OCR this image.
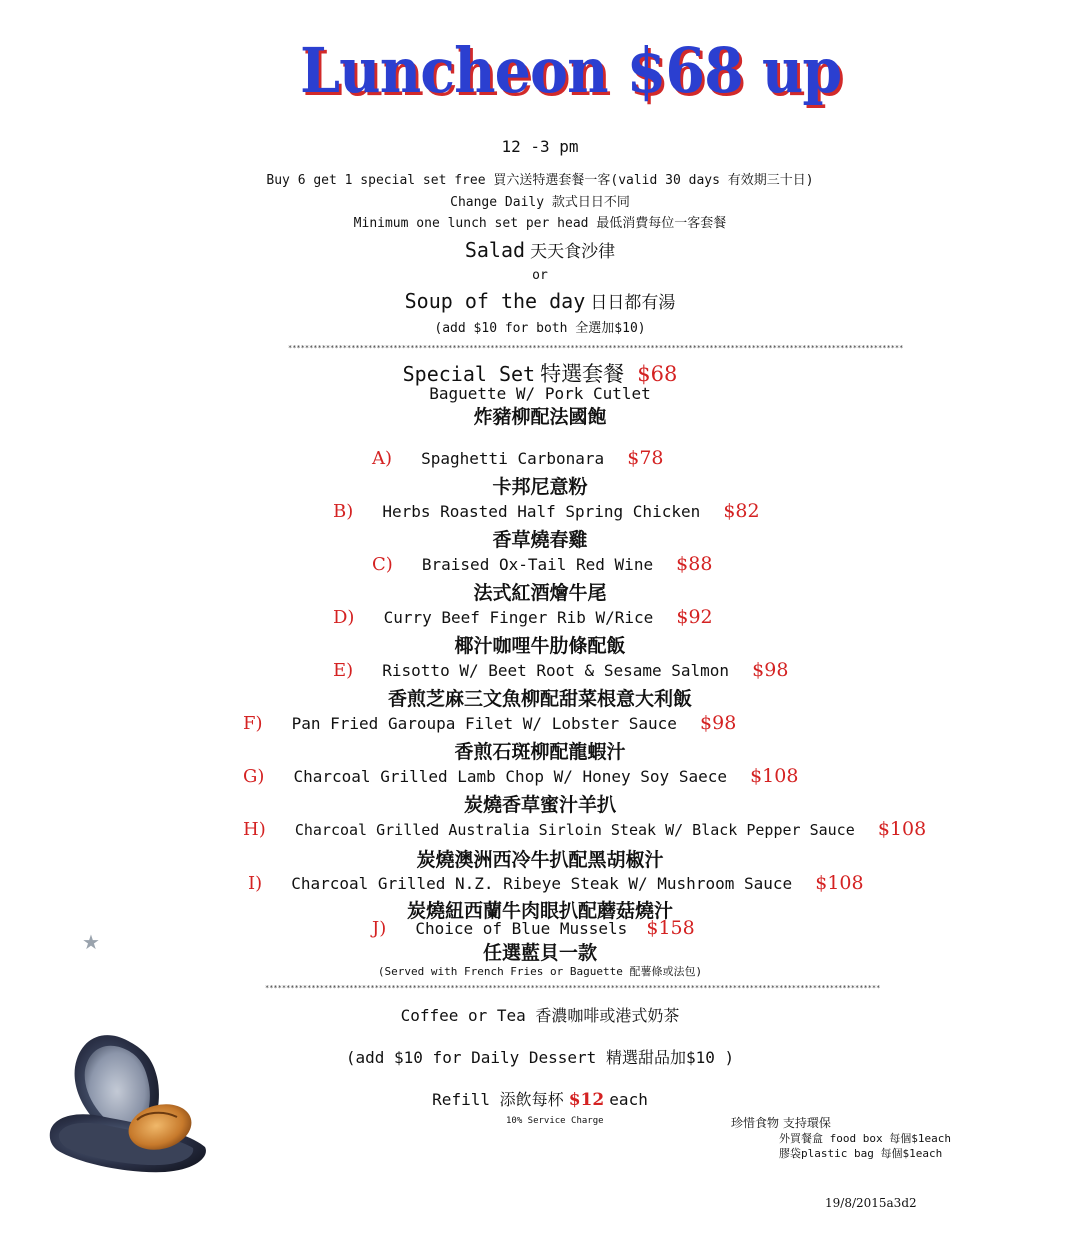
Luncheon $68 up
12 -3 pm
Buy 6 get 1 special set free 買六送特選套餐一客(valid 30 days 有效期三十日)
Change Daily 款式日日不同
Minimum one lunch set per head 最低消費每位一客套餐
Salad 天天食沙律
or
Soup of the day 日日都有湯
(add $10 for both 全選加$10)
**************************************************************************************************************************************************
Special Set 特選套餐 $68
Baguette W/ Pork Cutlet
炸豬柳配法國飽
A) Spaghetti Carbonara $78
卡邦尼意粉
B) Herbs Roasted Half Spring Chicken $82
香草燒春雞
C) Braised Ox-Tail Red Wine $88
法式紅酒燴牛尾
D) Curry Beef Finger Rib W/Rice $92
椰汁咖哩牛肋條配飯
E) Risotto W/ Beet Root & Sesame Salmon $98
香煎芝麻三文魚柳配甜菜根意大利飯
F) Pan Fried Garoupa Filet W/ Lobster Sauce $98
香煎石斑柳配龍蝦汁
G) Charcoal Grilled Lamb Chop W/ Honey Soy Saece $108
炭燒香草蜜汁羊扒
H) Charcoal Grilled Australia Sirloin Steak W/ Black Pepper Sauce $108
炭燒澳洲西冷牛扒配黑胡椒汁
I) Charcoal Grilled N.Z. Ribeye Steak W/ Mushroom Sauce $108
炭燒紐西蘭牛肉眼扒配蘑菇燒汁
J) Choice of Blue Mussels $158
任選藍貝一款
(Served with French Fries or Baguette 配薯條或法包)
**************************************************************************************************************************************************
Coffee or Tea 香濃咖啡或港式奶茶
(add $10 for Daily Dessert 精選甜品加$10 )
Refill 添飲每杯 $12 each
10% Service Charge	珍惜食物 支持環保
外買餐盒 food box 每個$1each
膠袋plastic bag 每個$1each
19/8/2015a3d2
★
